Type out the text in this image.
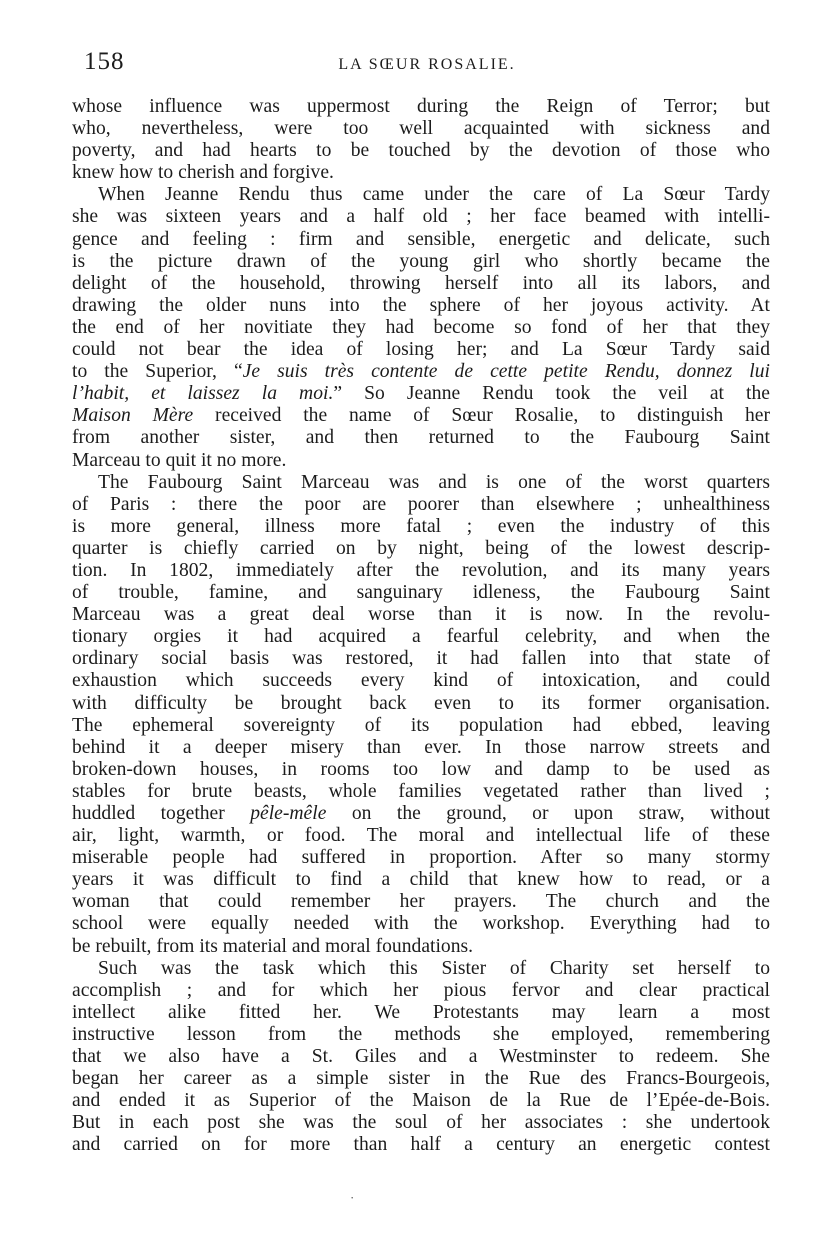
158	LA SŒUR ROSALIE.
whose influence was uppermost during the Reign of Terror; but
who, nevertheless, were too well acquainted with sickness and
poverty, and had hearts to be touched by the devotion of those who
knew how to cherish and forgive.
When Jeanne Rendu thus came under the care of La Sœur Tardy
she was sixteen years and a half old ; her face beamed with intelli-
gence and feeling : firm and sensible, energetic and delicate, such
is the picture drawn of the young girl who shortly became the
delight of the household, throwing herself into all its labors, and
drawing the older nuns into the sphere of her joyous activity. At
the end of her novitiate they had become so fond of her that they
could not bear the idea of losing her; and La Sœur Tardy said
to the Superior, “Je suis très contente de cette petite Rendu, donnez lui
l’habit, et laissez la moi.” So Jeanne Rendu took the veil at the
Maison Mère received the name of Sœur Rosalie, to distinguish her
from another sister, and then returned to the Faubourg Saint
Marceau to quit it no more.
The Faubourg Saint Marceau was and is one of the worst quarters
of Paris : there the poor are poorer than elsewhere ; unhealthiness
is more general, illness more fatal ; even the industry of this
quarter is chiefly carried on by night, being of the lowest descrip-
tion. In 1802, immediately after the revolution, and its many years
of trouble, famine, and sanguinary idleness, the Faubourg Saint
Marceau was a great deal worse than it is now. In the revolu-
tionary orgies it had acquired a fearful celebrity, and when the
ordinary social basis was restored, it had fallen into that state of
exhaustion which succeeds every kind of intoxication, and could
with difficulty be brought back even to its former organisation.
The ephemeral sovereignty of its population had ebbed, leaving
behind it a deeper misery than ever. In those narrow streets and
broken-down houses, in rooms too low and damp to be used as
stables for brute beasts, whole families vegetated rather than lived ;
huddled together pêle-mêle on the ground, or upon straw, without
air, light, warmth, or food. The moral and intellectual life of these
miserable people had suffered in proportion. After so many stormy
years it was difficult to find a child that knew how to read, or a
woman that could remember her prayers. The church and the
school were equally needed with the workshop. Everything had to
be rebuilt, from its material and moral foundations.
Such was the task which this Sister of Charity set herself to
accomplish ; and for which her pious fervor and clear practical
intellect alike fitted her. We Protestants may learn a most
instructive lesson from the methods she employed, remembering
that we also have a St. Giles and a Westminster to redeem. She
began her career as a simple sister in the Rue des Francs-Bourgeois,
and ended it as Superior of the Maison de la Rue de l’Epée-de-Bois.
But in each post she was the soul of her associates : she undertook
and carried on for more than half a century an energetic contest
·
